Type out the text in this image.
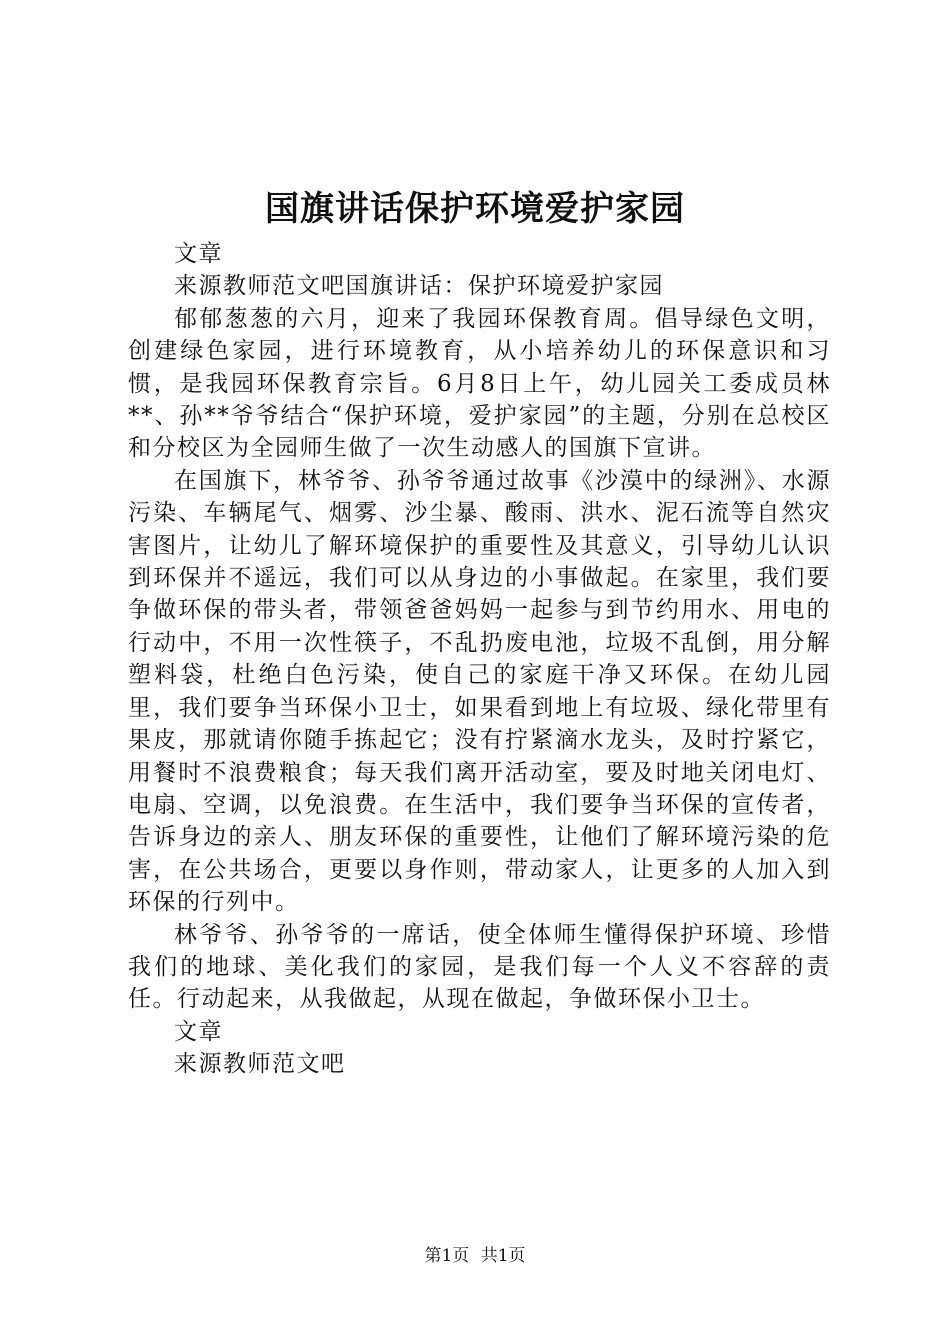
国旗讲话保护环境爱护家园

文章

来源教师范文吧国旗讲话：保护环境爱护家园

郁郁葱葱的六月，迎来了我园环保教育周。倡导绿色文明，创建绿色家园，进行环境教育，从小培养幼儿的环保意识和习惯，是我园环保教育宗旨。6月8日上午，幼儿园关工委成员林**、孙**爷爷结合“保护环境，爱护家园”的主题，分别在总校区和分校区为全园师生做了一次生动感人的国旗下宣讲。

在国旗下，林爷爷、孙爷爷通过故事《沙漠中的绿洲》、水源污染、车辆尾气、烟雾、沙尘暴、酸雨、洪水、泥石流等自然灾害图片，让幼儿了解环境保护的重要性及其意义，引导幼儿认识到环保并不遥远，我们可以从身边的小事做起。在家里，我们要争做环保的带头者，带领爸爸妈妈一起参与到节约用水、用电的行动中，不用一次性筷子，不乱扔废电池，垃圾不乱倒，用分解塑料袋，杜绝白色污染，使自己的家庭干净又环保。在幼儿园里，我们要争当环保小卫士，如果看到地上有垃圾、绿化带里有果皮，那就请你随手拣起它；没有拧紧滴水龙头，及时拧紧它，用餐时不浪费粮食；每天我们离开活动室，要及时地关闭电灯、电扇、空调，以免浪费。在生活中，我们要争当环保的宣传者，告诉身边的亲人、朋友环保的重要性，让他们了解环境污染的危害，在公共场合，更要以身作则，带动家人，让更多的人加入到环保的行列中。

林爷爷、孙爷爷的一席话，使全体师生懂得保护环境、珍惜我们的地球、美化我们的家园，是我们每一个人义不容辞的责任。行动起来，从我做起，从现在做起，争做环保小卫士。

文章

来源教师范文吧

第1页 共1页
